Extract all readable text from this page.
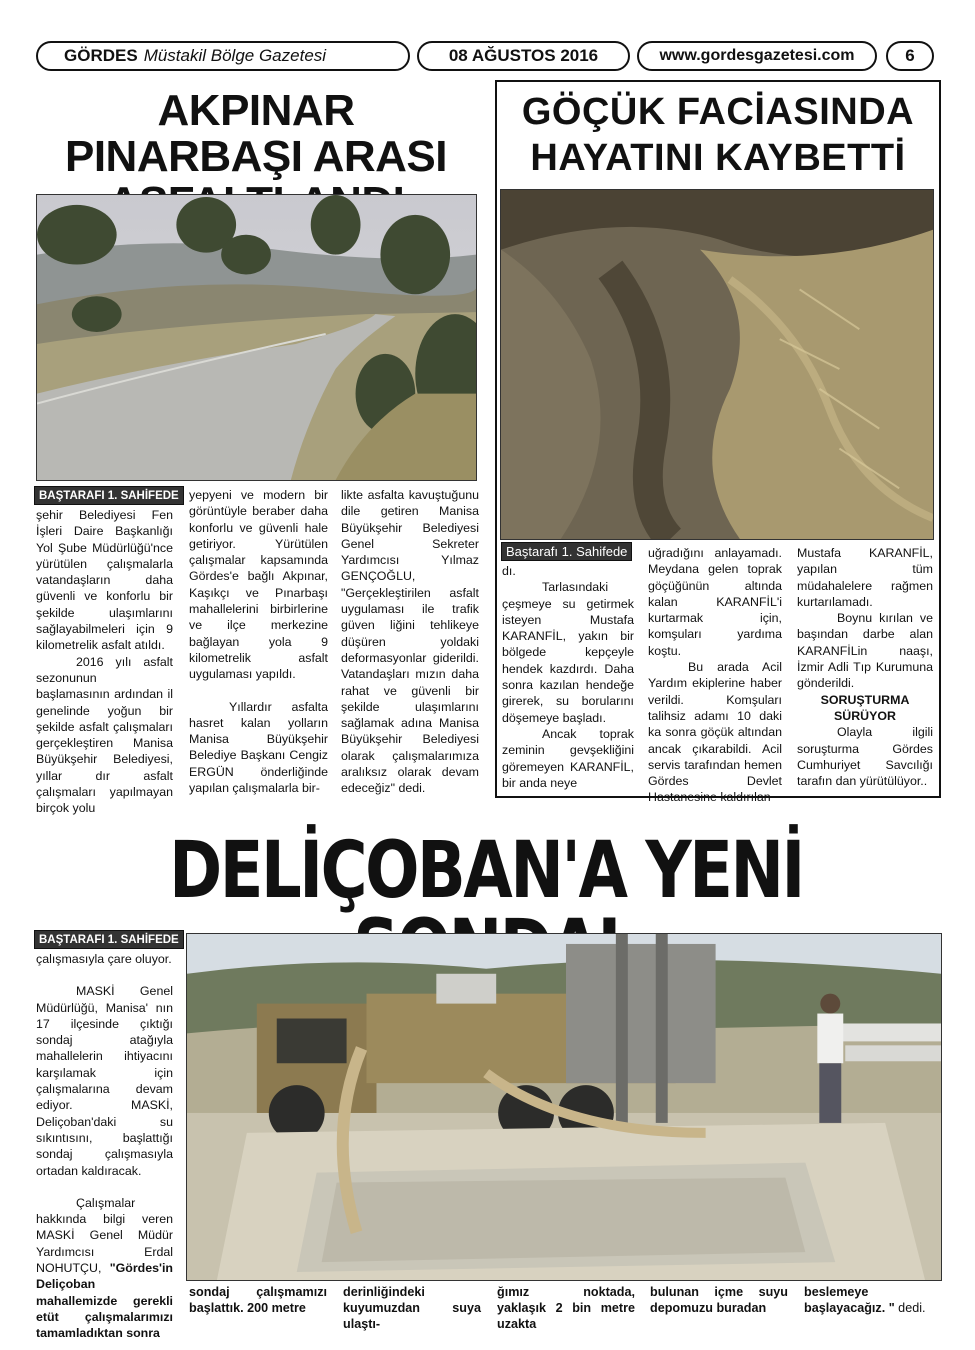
GÖRDES Müstakil Bölge Gazetesi	08 AĞUSTOS 2016	www.gordesgazetesi.com	6
AKPINAR PINARBAŞI ARASI
BAŞTARAFI 1. SAHİFEDE

şehir Belediyesi Fen İşleri Daire Başkanlığı Yol Şube Müdürlüğü'nce yürütülen çalışmalarla vatandaşların daha güvenli ve konforlu bir şekilde ulaşımlarını sağlayabilmeleri için 9 kilometrelik asfalt atıldı.

2016 yılı asfalt sezonunun başlamasının ardından il genelinde yoğun bir şekilde asfalt çalışmaları gerçekleştiren Manisa Büyükşehir Belediyesi, yıllar dır asfalt çalışmaları yapılmayan birçok yolu

yepyeni ve modern bir görüntüyle beraber daha konforlu ve güvenli hale getiriyor. Yürütülen çalışmalar kapsamında Gördes'e bağlı Akpınar, Kaşıkçı ve Pınarbaşı mahallelerini birbirlerine ve ilçe merkezine bağlayan yola 9 kilometrelik asfalt uygulaması yapıldı.

Yıllardır asfalta hasret kalan yolların Manisa Büyükşehir Belediye Başkanı Cengiz ERGÜN önderliğinde yapılan çalışmalarla bir-

likte asfalta kavuştuğunu dile getiren Manisa Büyükşehir Belediyesi Genel Sekreter Yardımcısı Yılmaz GENÇOĞLU, "Gerçekleştirilen asfalt uygulaması ile trafik güven liğini tehlikeye düşüren yoldaki deformasyonlar giderildi. Vatandaşları mızın daha rahat ve güvenli bir şekilde ulaşımlarını sağlamak adına Manisa Büyükşehir Belediyesi olarak çalışmalarımıza aralıksız olarak devam edeceğiz" dedi.

GÖÇÜK FACİASINDA
HAYATINI KAYBETTİ
Baştarafı 1. Sahifede

dı.

Tarlasındaki çeşmeye su getirmek isteyen Mustafa KARANFİL, yakın bir bölgede kepçeyle hendek kazdırdı. Daha sonra kazılan hendeğe girerek, su borularını döşemeye başladı.

Ancak toprak zeminin gevşekliğini göremeyen KARANFİL, bir anda neye

uğradığını anlayamadı. Meydana gelen toprak göçüğünün altında kalan KARANFİL'i kurtarmak için, komşuları yardıma koştu.

Bu arada Acil Yardım ekiplerine haber verildi. Komşuları talihsiz adamı 10 daki ka sonra göçük altından ancak çıkarabildi. Acil servis tarafından hemen Gördes Devlet Hastanesine kaldırılan

Mustafa KARANFİL, yapılan tüm müdahalelere rağmen kurtarılamadı.

Boynu kırılan ve başından darbe alan KARANFİLin naaşı, İzmir Adli Tıp Kurumuna gönderildi.

SORUŞTURMA SÜRÜYOR

Olayla ilgili soruşturma Gördes Cumhuriyet Savcılığı tarafın dan yürütülüyor..

DELİÇOBAN'A YENİ
BAŞTARAFI 1. SAHİFEDE

çalışmasıyla çare oluyor.

MASKİ Genel Müdürlüğü, Manisa' nın 17 ilçesinde çıktığı sondaj atağıyla mahallelerin ihtiyacını karşılamak için çalışmalarına devam ediyor. MASKİ, Deliçoban'daki su sıkıntısını, başlattığı sondaj çalışmasıyla ortadan kaldıracak.

Çalışmalar hakkında bilgi veren MASKİ Genel Müdür Yardımcısı Erdal NOHUTÇU, "Gördes'in Deliçoban mahallemizde gerekli etüt çalışmalarımızı tamamladıktan sonra

sondaj çalışmamızı başlattık. 200 metre
derinliğindeki kuyumuzdan suya ulaştı-
ğımız noktada, yaklaşık 2 bin metre uzakta
bulunan içme suyu depomuzu buradan
beslemeye başlayacağız. " dedi.
